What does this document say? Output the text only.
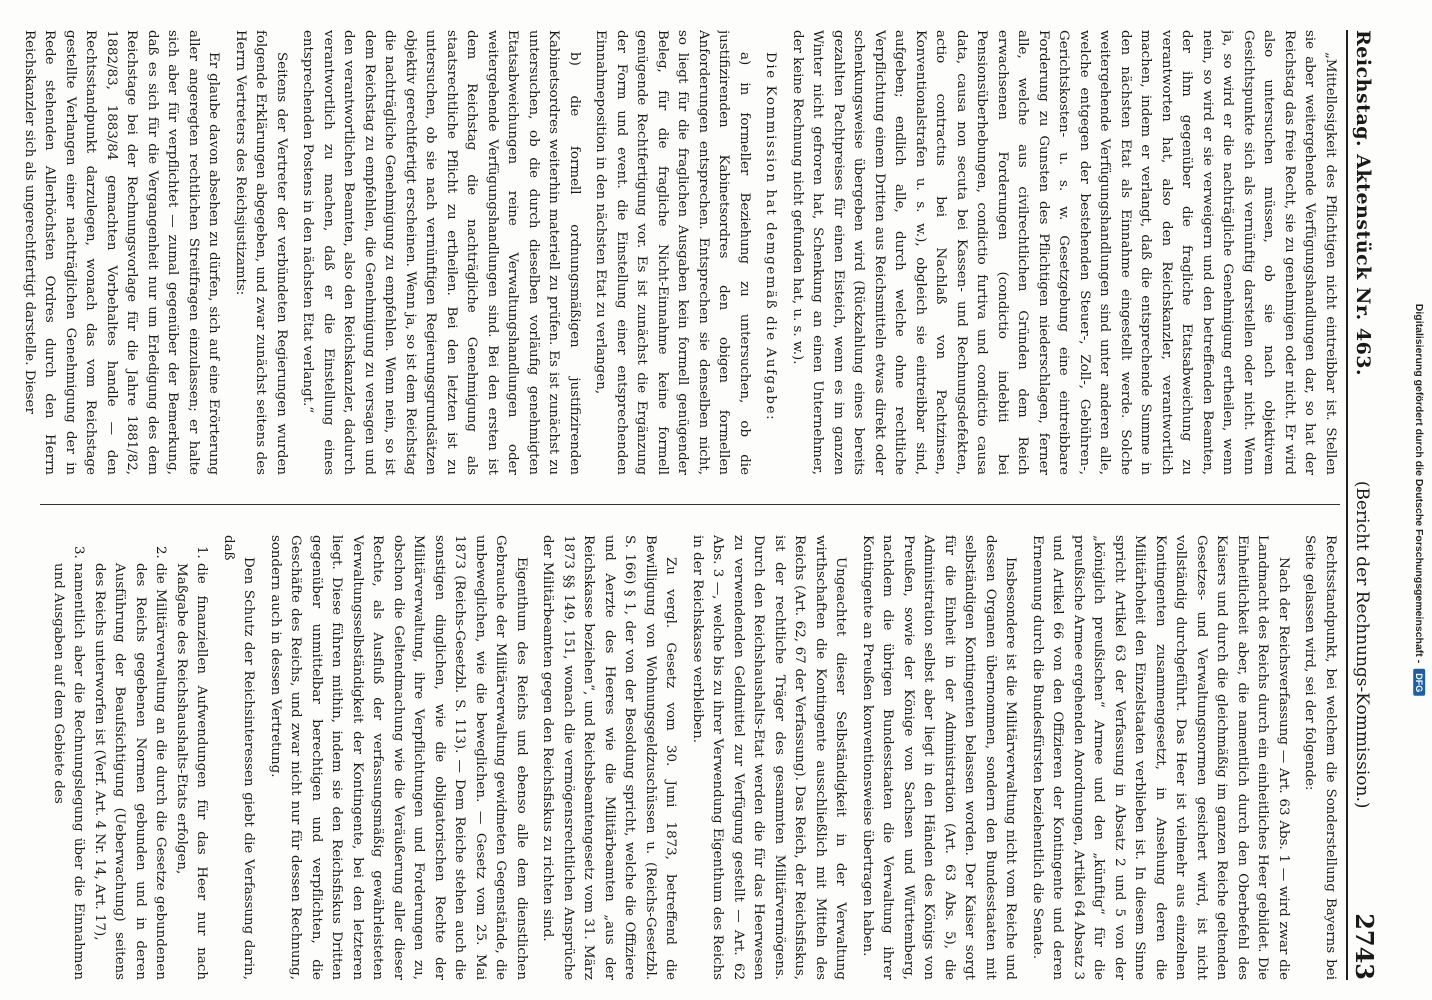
Reichstag. Aktenstück Nr. 463.
(Bericht der Rechnungs-Kommission.)
2743

„Mittellosigkeit des Pflichtigen nicht eintreibbar ist. Stellen sie aber weitergehende Verfügungshandlungen dar, so hat der Reichstag das freie Recht, sie zu genehmigen oder nicht. Er wird also untersuchen müssen, ob sie nach objektivem Gesichtspunkte sich als vernünftig darstellen oder nicht. Wenn ja, so wird er die nachträgliche Genehmigung ertheilen, wenn nein, so wird er sie verweigern und den betreffenden Beamten, der ihm gegenüber die fragliche Etatsabweichung zu verantworten hat, also den Reichskanzler, verantwortlich machen, indem er verlangt, daß die entsprechende Summe in den nächsten Etat als Einnahme eingestellt werde. Solche weitergehende Verfügungshandlungen sind unter anderen alle, welche entgegen der bestehenden Steuer-, Zoll-, Gebühren-, Gerichtskosten- u. s. w. Gesetzgebung eine eintreibbare Forderung zu Gunsten des Pflichtigen niederschlagen, ferner alle, welche aus civilrechtlichen Gründen dem Reich erwachsenen Forderungen (condictio indebiti bei Pensionsüberhebungen, condictio furtiva und condictio causa data, causa non secuta bei Kassen- und Rechnungsdefekten, actio contractus bei Nachlaß von Pachtzinsen, Konventionalstrafen u. s. w.), obgleich sie eintreibbar sind, aufgeben; endlich alle, durch welche ohne rechtliche Verpflichtung einem Dritten aus Reichsmitteln etwas direkt oder schenkungsweise übergeben wird (Rückzahlung eines bereits gezahlten Pachtpreises für einen Eisteich, wenn es im ganzen Winter nicht gefroren hat, Schenkung an einen Unternehmer, der keine Rechnung nicht gefunden hat, u. s. w.).

Die Kommission hat demgemäß die Aufgabe:

a) in formeller Beziehung zu untersuchen, ob die justifizirenden Kabinetsordres den obigen formellen Anforderungen entsprechen. Entsprechen sie denselben nicht, so liegt für die fraglichen Ausgaben kein formell genügender Beleg, für die fragliche Nicht-Einnahme keine formell genügende Rechtfertigung vor. Es ist zunächst die Ergänzung der Form und event. die Einstellung einer entsprechenden Einnahmeposition in den nächsten Etat zu verlangen,

b) die formell ordnungsmäßigen justifizirenden Kabinetsordres weiterhin materiell zu prüfen. Es ist zunächst zu untersuchen, ob die durch dieselben vorläufig genehmigten Etatsabweichungen reine Verwaltungshandlungen oder weitergehende Verfügungshandlungen sind. Bei den ersten ist dem Reichstag die nachträgliche Genehmigung als staatsrechtliche Pflicht zu ertheilen. Bei den letzten ist zu untersuchen, ob sie nach vernünftigen Regierungsgrundsätzen objektiv gerechtfertigt erscheinen. Wenn ja, so ist dem Reichstag die nachträgliche Genehmigung zu empfehlen. Wenn nein, so ist dem Reichstag zu empfehlen, die Genehmigung zu versagen und den verantwortlichen Beamten, also den Reichskanzler, dadurch verantwortlich zu machen, daß er die Einstellung eines entsprechenden Postens in den nächsten Etat verlangt.“

Seitens der Vertreter der verbündeten Regierungen wurden folgende Erklärungen abgegeben, und zwar zunächst seitens des Herrn Vertreters des Reichsjustizamts:

Er glaube davon absehen zu dürfen, sich auf eine Erörterung aller angeregten rechtlichen Streitfragen einzulassen; er halte sich aber für verpflichtet — zumal gegenüber der Bemerkung, daß es sich für die Vergangenheit nur um Erledigung des dem Reichstage bei der Rechnungsvorlage für die Jahre 1881/82, 1882/83, 1883/84 gemachten Vorbehaltes handle — den Rechtsstandpunkt darzulegen, wonach das vom Reichstage gestellte Verlangen einer nachträglichen Genehmigung der in Rede stehenden Allerhöchsten Ordres durch den Herrn Reichskanzler sich als ungerechtfertigt darstelle. Dieser

Rechtsstandpunkt, bei welchem die Sonderstellung Bayerns bei Seite gelassen wird, sei der folgende:

Nach der Reichsverfassung — Art. 63 Abs. 1 — wird zwar die Landmacht des Reichs durch ein einheitliches Heer gebildet. Die Einheitlichkeit aber, die namentlich durch den Oberbefehl des Kaisers und durch die gleichmäßig im ganzen Reiche geltenden Gesetzes- und Verwaltungsnormen gesichert wird, ist nicht vollständig durchgeführt. Das Heer ist vielmehr aus einzelnen Kontingenten zusammengesetzt, in Ansehung deren die Militärhoheit den Einzelstaaten verblieben ist. In diesem Sinne spricht Artikel 63 der Verfassung in Absatz 2 und 5 von der „königlich preußischen“ Armee und den „künftig“ für die preußische Armee ergehenden Anordnungen, Artikel 64 Absatz 3 und Artikel 66 von den Offizieren der Kontingente und deren Ernennung durch die Bundesfürsten beziehentlich die Senate.

Insbesondere ist die Militärverwaltung nicht vom Reiche und dessen Organen übernommen, sondern den Bundesstaaten mit selbständigen Kontingenten belassen worden. Der Kaiser sorgt für die Einheit in der Administration (Art. 63 Abs. 5), die Administration selbst aber liegt in den Händen des Königs von Preußen, sowie der Könige von Sachsen und Württemberg, nachdem die übrigen Bundesstaaten die Verwaltung ihrer Kontingente an Preußen konventionsweise übertragen haben.

Ungeachtet dieser Selbständigkeit in der Verwaltung wirthschaften die Kontingente ausschließlich mit Mitteln des Reichs (Art. 62, 67 der Verfassung). Das Reich, der Reichsfiskus, ist der rechtliche Träger des gesammten Militärvermögens. Durch den Reichshaushalts-Etat werden die für das Heerwesen zu verwendenden Geldmittel zur Verfügung gestellt — Art. 62 Abs. 3 —, welche bis zu ihrer Verwendung Eigenthum des Reichs in der Reichskasse verbleiben.

Zu vergl. Gesetz vom 30. Juni 1873, betreffend die Bewilligung von Wohnungsgeldzuschüssen u. (Reichs-Gesetzbl. S. 166) § 1, der von der Besoldung spricht, welche die Offiziere und Aerzte des Heeres wie die Militärbeamten „aus der Reichskasse beziehen“, und Reichsbeamtengesetz vom 31. März 1873 §§ 149, 151, wonach die vermögensrechtlichen Ansprüche der Militärbeamten gegen den Reichsfiskus zu richten sind.

Eigenthum des Reichs und ebenso alle dem dienstlichen Gebrauche der Militärverwaltung gewidmeten Gegenstände, die unbeweglichen, wie die beweglichen. — Gesetz vom 25. Mai 1873 (Reichs-Gesetzbl. S. 113). — Dem Reiche stehen auch die sonstigen dinglichen, wie die obligatorischen Rechte der Militärverwaltung, ihre Verpflichtungen und Forderungen zu, obschon die Geltendmachung wie die Veräußerung aller dieser Rechte, als Ausfluß der verfassungsmäßig gewährleisteten Verwaltungsselbständigkeit der Kontingente, bei den letzteren liegt. Diese führen mithin, indem sie den Reichsfiskus Dritten gegenüber unmittelbar berechtigen und verpflichten, die Geschäfte des Reichs, und zwar nicht nur für dessen Rechnung, sondern auch in dessen Vertretung.

Den Schutz der Reichsinteressen giebt die Verfassung darin, daß

1. die finanziellen Aufwendungen für das Heer nur nach Maßgabe des Reichshaushalts-Etats erfolgen,
2. die Militärverwaltung an die durch die Gesetze gebundenen des Reichs gegebenen Normen gebunden und in deren Ausführung der Beaufsichtigung (Ueberwachung) seitens des Reichs unterworfen ist (Verf. Art. 4 Nr. 14, Art. 17),
3. namentlich aber die Rechnungslegung über die Einnahmen und Ausgaben auf dem Gebiete des
Digitalisierung gefördert durch die Deutsche Forschungsgemeinschaft -
DFG
